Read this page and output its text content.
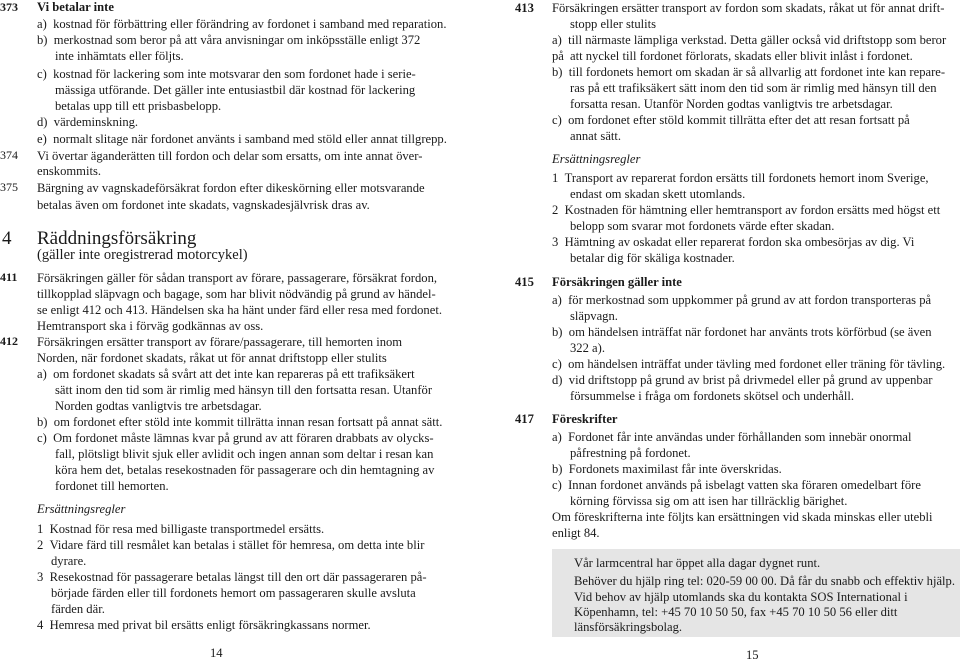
373 Vi betalar inte
a) kostnad för förbättring eller förändring av fordonet i samband med reparation.
b) merkostnad som beror på att våra anvisningar om inköpsställe enligt 372
inte inhämtats eller följts.
c) kostnad för lackering som inte motsvarar den som fordonet hade i serie-
mässiga utförande. Det gäller inte entusiastbil där kostnad för lackering
betalas upp till ett prisbasbelopp.
d) värdeminskning.
e) normalt slitage när fordonet använts i samband med stöld eller annat tillgrepp.
374 Vi övertar äganderätten till fordon och delar som ersatts, om inte annat över-
enskommits.
375 Bärgning av vagnskadeförsäkrat fordon efter dikeskörning eller motsvarande
betalas även om fordonet inte skadats, vagnskadesjälvrisk dras av.
4 Räddningsförsäkring
(gäller inte oregistrerad motorcykel)
411 Försäkringen gäller för sådan transport av förare, passagerare, försäkrat fordon,
tillkopplad släpvagn och bagage, som har blivit nödvändig på grund av händel-
se enligt 412 och 413. Händelsen ska ha hänt under färd eller resa med fordonet.
Hemtransport ska i förväg godkännas av oss.
412 Försäkringen ersätter transport av förare/passagerare, till hemorten inom
Norden, när fordonet skadats, råkat ut för annat driftstopp eller stulits
a) om fordonet skadats så svårt att det inte kan repareras på ett trafiksäkert
sätt inom den tid som är rimlig med hänsyn till den fortsatta resan. Utanför
Norden godtas vanligtvis tre arbetsdagar.
b) om fordonet efter stöld inte kommit tillrätta innan resan fortsatt på annat sätt.
c) Om fordonet måste lämnas kvar på grund av att föraren drabbats av olycks-
fall, plötsligt blivit sjuk eller avlidit och ingen annan som deltar i resan kan
köra hem det, betalas resekostnaden för passagerare och din hemtagning av
fordonet till hemorten.
Ersättningsregler
1 Kostnad för resa med billigaste transportmedel ersätts.
2 Vidare färd till resmålet kan betalas i stället för hemresa, om detta inte blir
dyrare.
3 Resekostnad för passagerare betalas längst till den ort där passageraren på-
började färden eller till fordonets hemort om passageraren skulle avsluta
färden där.
4 Hemresa med privat bil ersätts enligt försäkringkassans normer.
14
413 Försäkringen ersätter transport av fordon som skadats, råkat ut för annat drift-
stopp eller stulits
a) till närmaste lämpliga verkstad. Detta gäller också vid driftstopp som beror på att nyckel till fordonet förlorats, skadats eller blivit inlåst i fordonet.
b) till fordonets hemort om skadan är så allvarlig att fordonet inte kan repare-
ras på ett trafiksäkert sätt inom den tid som är rimlig med hänsyn till den
forsatta resan. Utanför Norden godtas vanligtvis tre arbetsdagar.
c) om fordonet efter stöld kommit tillrätta efter det att resan fortsatt på
annat sätt.
Ersättningsregler
1 Transport av reparerat fordon ersätts till fordonets hemort inom Sverige,
endast om skadan skett utomlands.
2 Kostnaden för hämtning eller hemtransport av fordon ersätts med högst ett
belopp som svarar mot fordonets värde efter skadan.
3 Hämtning av oskadat eller reparerat fordon ska ombesörjas av dig. Vi
betalar dig för skäliga kostnader.
415 Försäkringen gäller inte
a) för merkostnad som uppkommer på grund av att fordon transporteras på
släpvagn.
b) om händelsen inträffat när fordonet har använts trots körförbud (se även
322 a).
c) om händelsen inträffat under tävling med fordonet eller träning för tävling.
d) vid driftstopp på grund av brist på drivmedel eller på grund av uppenbar
försummelse i fråga om fordonets skötsel och underhåll.
417 Föreskrifter
a) Fordonet får inte användas under förhållanden som innebär onormal
påfrestning på fordonet.
b) Fordonets maximilast får inte överskridas.
c) Innan fordonet används på isbelagt vatten ska föraren omedelbart före
körning förvissa sig om att isen har tillräcklig bärighet.
Om föreskrifterna inte följts kan ersättningen vid skada minskas eller utebli
enligt 84.
Vår larmcentral har öppet alla dagar dygnet runt.
Behöver du hjälp ring tel: 020-59 00 00. Då får du snabb och effektiv hjälp.
Vid behov av hjälp utomlands ska du kontakta SOS International i
Köpenhamn, tel: +45 70 10 50 50, fax +45 70 10 50 56 eller ditt
länsförsäkringsbolag.
15
